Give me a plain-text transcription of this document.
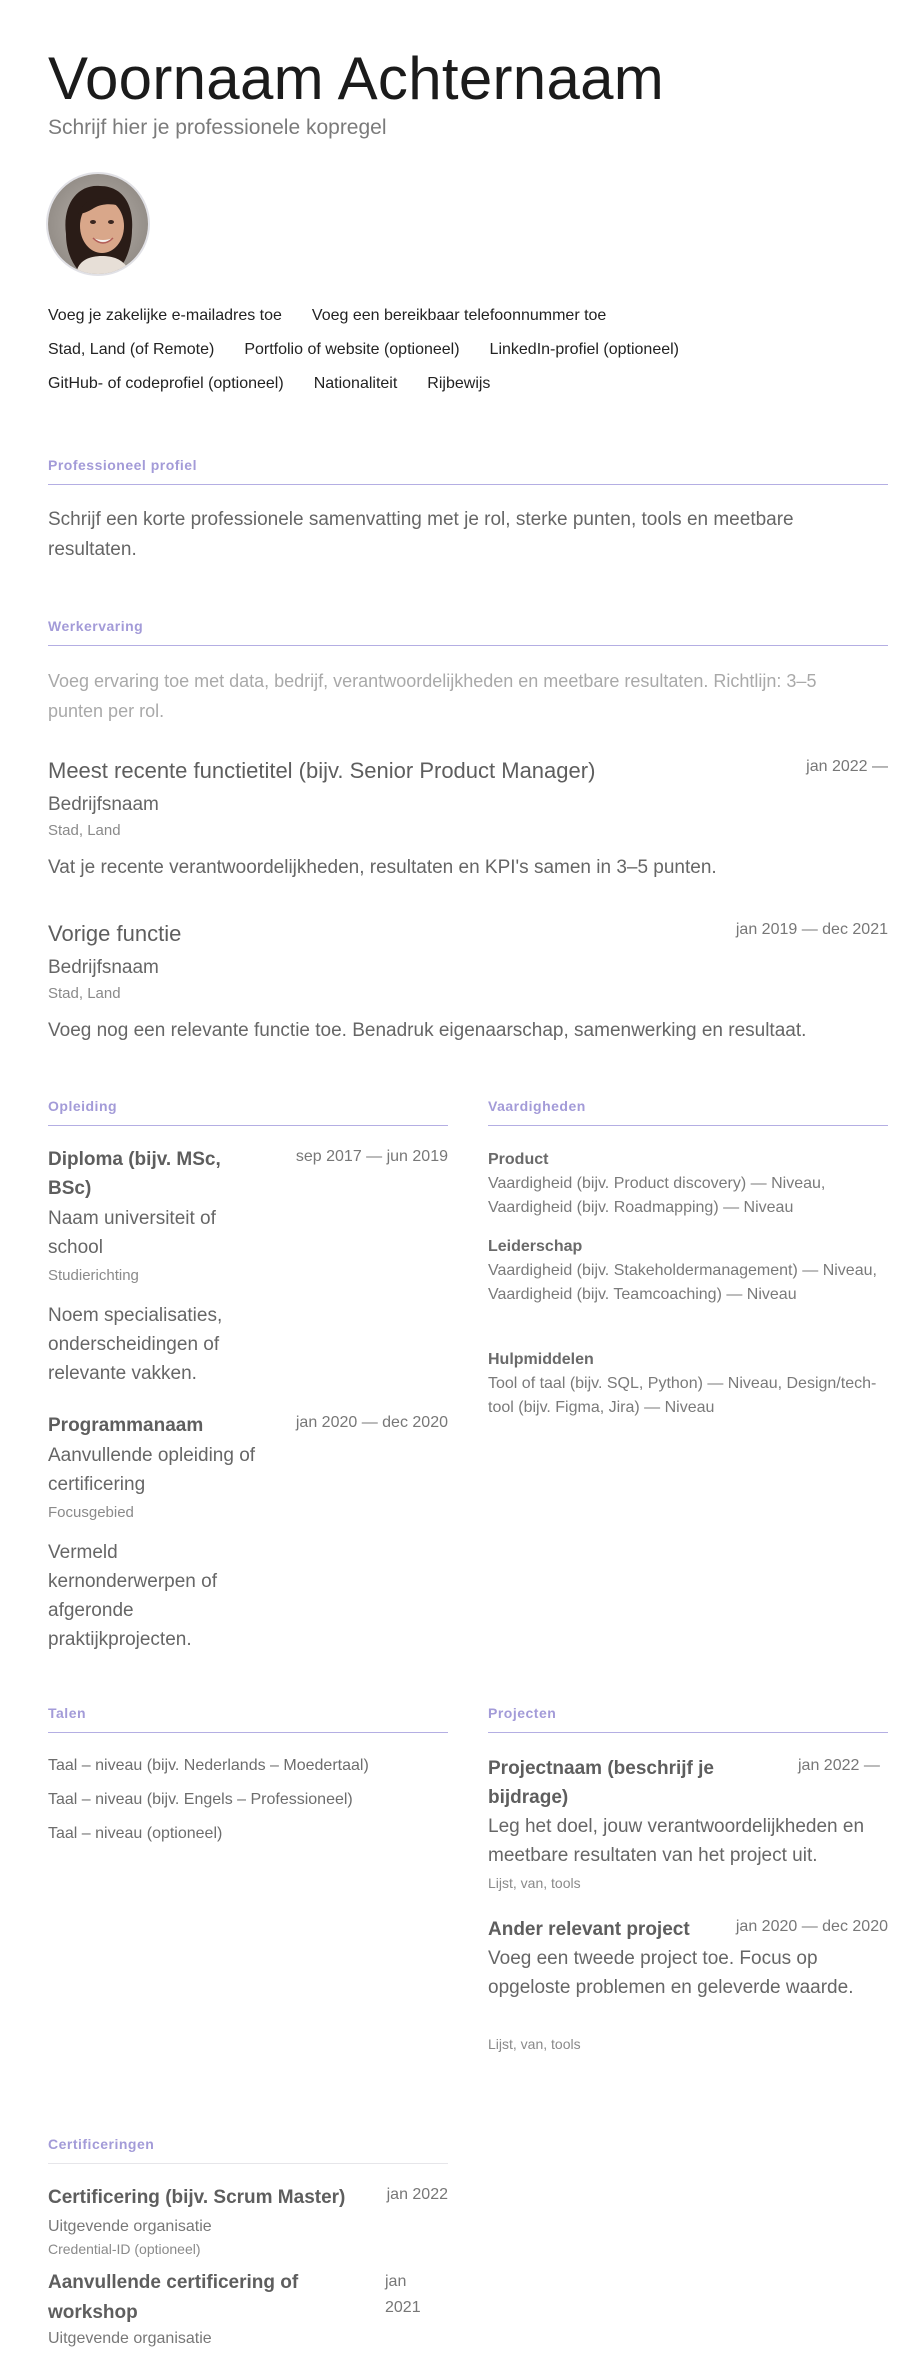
Voornaam Achternaam
Schrijf hier je professionele kopregel
Voeg je zakelijke e-mailadres toe Voeg een bereikbaar telefoonnummer toe
Stad, Land (of Remote) Portfolio of website (optioneel) LinkedIn-profiel (optioneel)
GitHub- of codeprofiel (optioneel) Nationaliteit Rijbewijs
Professioneel profiel
Schrijf een korte professionele samenvatting met je rol, sterke punten, tools en meetbare resultaten.
Werkervaring
Voeg ervaring toe met data, bedrijf, verantwoordelijkheden en meetbare resultaten. Richtlijn: 3–5 punten per rol.
Meest recente functietitel (bijv. Senior Product Manager)	jan 2022 —
Bedrijfsnaam
Stad, Land
Vat je recente verantwoordelijkheden, resultaten en KPI's samen in 3–5 punten.
Vorige functie	jan 2019 — dec 2021
Bedrijfsnaam
Stad, Land
Voeg nog een relevante functie toe. Benadruk eigenaarschap, samenwerking en resultaat.
Opleiding
Diploma (bijv. MSc, BSc)
sep 2017 — jun 2019
Naam universiteit of school
Studierichting
Noem specialisaties, onderscheidingen of relevante vakken.
Programmanaam	jan 2020 — dec 2020
Aanvullende opleiding of certificering
Focusgebied
Vermeld kernonderwerpen of afgeronde praktijkprojecten.
Vaardigheden
Product
Vaardigheid (bijv. Product discovery) — Niveau, Vaardigheid (bijv. Roadmapping) — Niveau
Leiderschap
Vaardigheid (bijv. Stakeholdermanagement) — Niveau, Vaardigheid (bijv. Teamcoaching) — Niveau
Hulpmiddelen
Tool of taal (bijv. SQL, Python) — Niveau, Design/tech-tool (bijv. Figma, Jira) — Niveau
Talen
Taal – niveau (bijv. Nederlands – Moedertaal)
Taal – niveau (bijv. Engels – Professioneel)
Taal – niveau (optioneel)
Projecten
Projectnaam (beschrijf je bijdrage)
jan 2022 —
Leg het doel, jouw verantwoordelijkheden en meetbare resultaten van het project uit.
Lijst, van, tools
Ander relevant project	jan 2020 — dec 2020
Voeg een tweede project toe. Focus op opgeloste problemen en geleverde waarde.
Lijst, van, tools
Certificeringen
Certificering (bijv. Scrum Master)	jan 2022
Uitgevende organisatie
Credential-ID (optioneel)
Aanvullende certificering of workshop
jan 2021
Uitgevende organisatie
